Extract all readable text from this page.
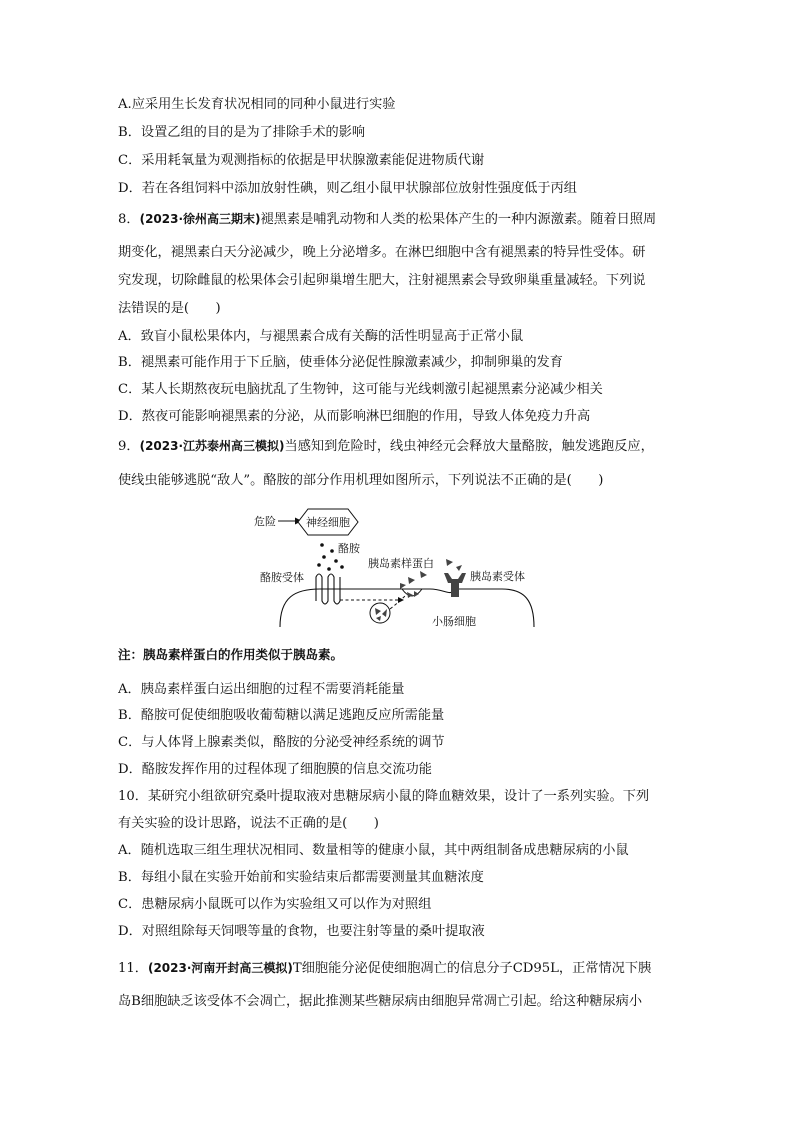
A.应采用生长发育状况相同的同种小鼠进行实验
B．设置乙组的目的是为了排除手术的影响
C．采用耗氧量为观测指标的依据是甲状腺激素能促进物质代谢
D．若在各组饲料中添加放射性碘，则乙组小鼠甲状腺部位放射性强度低于丙组
8．(2023·徐州高三期末)褪黑素是哺乳动物和人类的松果体产生的一种内源激素。随着日照周
期变化，褪黑素白天分泌减少，晚上分泌增多。在淋巴细胞中含有褪黑素的特异性受体。研
究发现，切除雌鼠的松果体会引起卵巢增生肥大，注射褪黑素会导致卵巢重量减轻。下列说
法错误的是(　　)
A．致盲小鼠松果体内，与褪黑素合成有关酶的活性明显高于正常小鼠
B．褪黑素可能作用于下丘脑，使垂体分泌促性腺激素减少，抑制卵巢的发育
C．某人长期熬夜玩电脑扰乱了生物钟，这可能与光线刺激引起褪黑素分泌减少相关
D．熬夜可能影响褪黑素的分泌，从而影响淋巴细胞的作用，导致人体免疫力升高
9．(2023·江苏泰州高三模拟)当感知到危险时，线虫神经元会释放大量酪胺，触发逃跑反应，
使线虫能够逃脱“敌人”。酪胺的部分作用机理如图所示，下列说法不正确的是(　　)
危险	神经细胞
酪胺
酪胺受体
胰岛素样蛋白
胰岛素受体
小肠细胞
注：胰岛素样蛋白的作用类似于胰岛素。
A．胰岛素样蛋白运出细胞的过程不需要消耗能量
B．酪胺可促使细胞吸收葡萄糖以满足逃跑反应所需能量
C．与人体肾上腺素类似，酪胺的分泌受神经系统的调节
D．酪胺发挥作用的过程体现了细胞膜的信息交流功能
10．某研究小组欲研究桑叶提取液对患糖尿病小鼠的降血糖效果，设计了一系列实验。下列
有关实验的设计思路，说法不正确的是(　　)
A．随机选取三组生理状况相同、数量相等的健康小鼠，其中两组制备成患糖尿病的小鼠
B．每组小鼠在实验开始前和实验结束后都需要测量其血糖浓度
C．患糖尿病小鼠既可以作为实验组又可以作为对照组
D．对照组除每天饲喂等量的食物，也要注射等量的桑叶提取液
11．(2023·河南开封高三模拟)T细胞能分泌促使细胞凋亡的信息分子CD95L，正常情况下胰
岛B细胞缺乏该受体不会凋亡，据此推测某些糖尿病由细胞异常凋亡引起。给这种糖尿病小
